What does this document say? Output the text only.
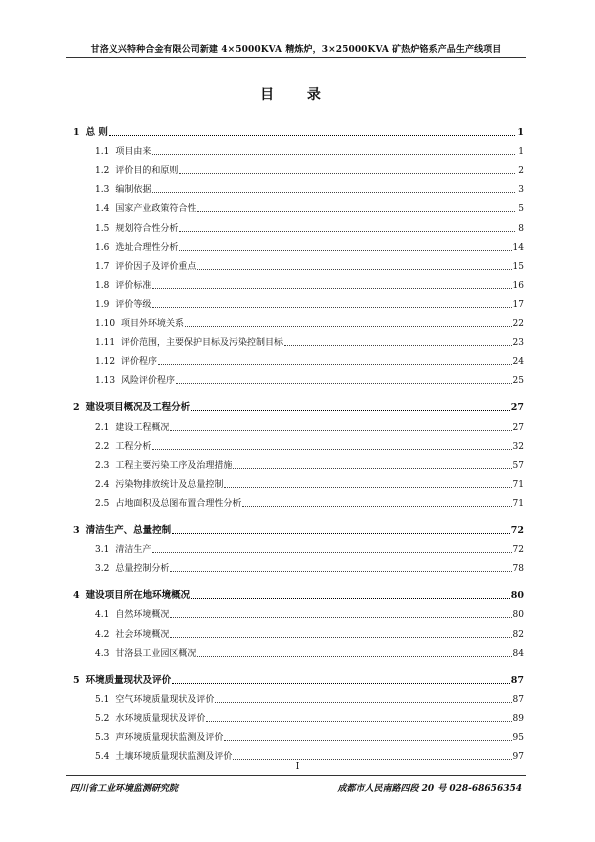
甘洛义兴特种合金有限公司新建 4×5000KVA 精炼炉，3×25000KVA 矿热炉铬系产品生产线项目
目 录
1 总 则	1
1.1 项目由来	1
1.2 评价目的和原则	2
1.3 编制依据	3
1.4 国家产业政策符合性	5
1.5 规划符合性分析	8
1.6 选址合理性分析	14
1.7 评价因子及评价重点	15
1.8 评价标准	16
1.9 评价等级	17
1.10 项目外环境关系	22
1.11 评价范围，主要保护目标及污染控制目标	23
1.12 评价程序	24
1.13 风险评价程序	25
2 建设项目概况及工程分析	27
2.1 建设工程概况	27
2.2 工程分析	32
2.3 工程主要污染工序及治理措施	57
2.4 污染物排放统计及总量控制	71
2.5 占地面积及总图布置合理性分析	71
3 清洁生产、总量控制	72
3.1 清洁生产	72
3.2 总量控制分析	78
4 建设项目所在地环境概况	80
4.1 自然环境概况	80
4.2 社会环境概况	82
4.3 甘洛县工业园区概况	84
5 环境质量现状及评价	87
5.1 空气环境质量现状及评价	87
5.2 水环境质量现状及评价	89
5.3 声环境质量现状监测及评价	95
5.4 土壤环境质量现状监测及评价	97
I
四川省工业环境监测研究院	成都市人民南路四段 20 号 028-68656354
